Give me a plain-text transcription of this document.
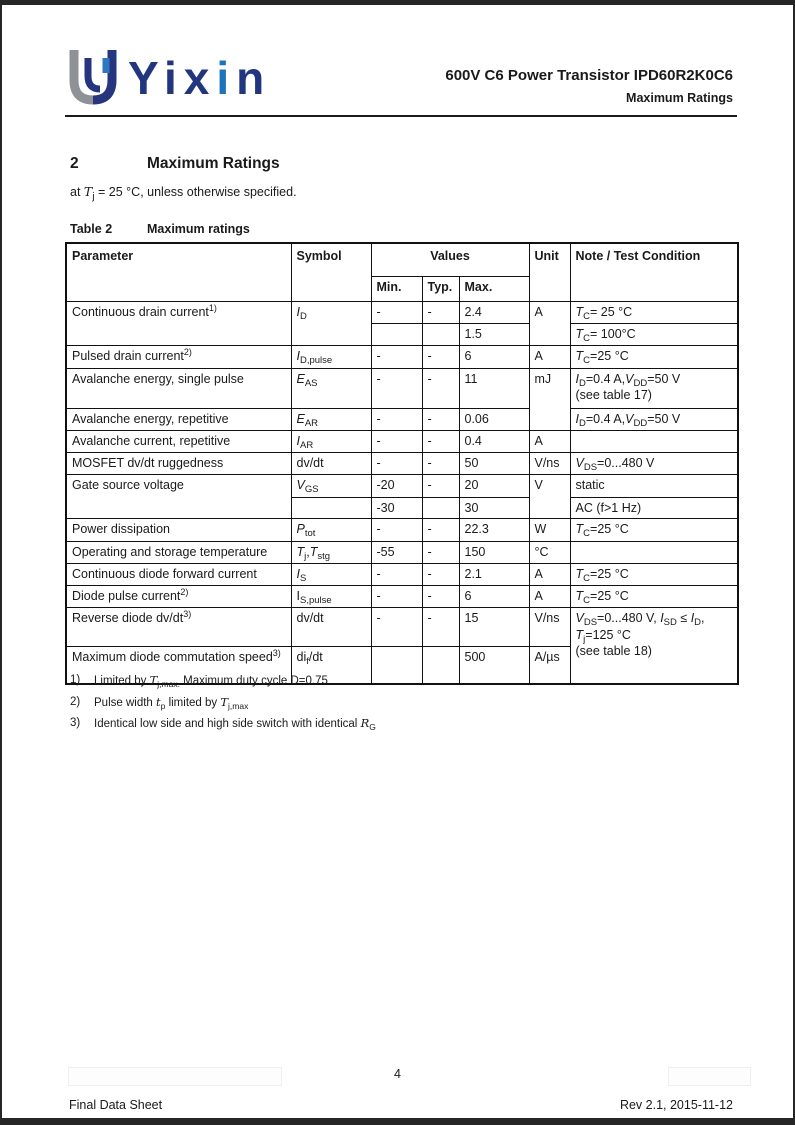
Yixin	600V C6 Power Transistor IPD60R2K0C6
Maximum Ratings
2	Maximum Ratings
at $T_j = 25$ °C, unless otherwise specified.
Table 2	Maximum ratings
Parameter	Symbol	Values			Unit	Note / Test Condition
		Min.	Typ.	Max.		
Continuous drain current$^{1)}$	$I_D$	-	-	2.4	A	$T_C= 25$ °C
				1.5		$T_C= 100^\circ C$
Pulsed drain current$^{2)}$	$I_{D,pulse}$	-	-	6	A	$T_C=25$ °C
Avalanche energy, single pulse	$E_{AS}$	-	-	11	mJ	$I_D=0.4$ $A,V_{DD}=50$ V
(see table 17)
Avalanche energy, repetitive	$E_{AR}$	-	-	0.06		$I_D=0.4$ $A,V_{DD}=50$ V
Avalanche current, repetitive	$I_{AR}$	-	-	0.4	A	
MOSFET dv/dt ruggedness	dv/dt	-	-	50	V/ns	$V_{DS}=0...480$ V
Gate source voltage	$V_{GS}$	-20	-	20	V	static
		-30		30		AC (f>1 Hz)
Power dissipation	$P_{tot}$	-	-	22.3	W	$T_C=25$ °C
Operating and storage temperature	$T_j,T_{stg}$	-55	-	150	°C	
Continuous diode forward current	$I_S$	-	-	2.1	A	$T_C=25$ °C
Diode pulse current$^{2)}$	$I_{S,pulse}$	-	-	6	A	$T_C=25$ °C
Reverse diode $dv/dt^{3)}$	dv/dt	-	-	15	V/ns	$V_{DS}=0...480$ V, $I_{SD} \le I_D$,
$T_j=125$ °C
(see table 18)
Maximum diode commutation speed$^{3)}$	$di_f/dt$			500	A/µs	
1)	Limited by $T_{j,max.}$ Maximum duty cycle D=0.75
2)	Pulse width $t_p$ limited by $T_{j,max}$
3)	Identical low side and high side switch with identical $R_G$
4
Final Data Sheet	Rev 2.1, 2015-11-12
